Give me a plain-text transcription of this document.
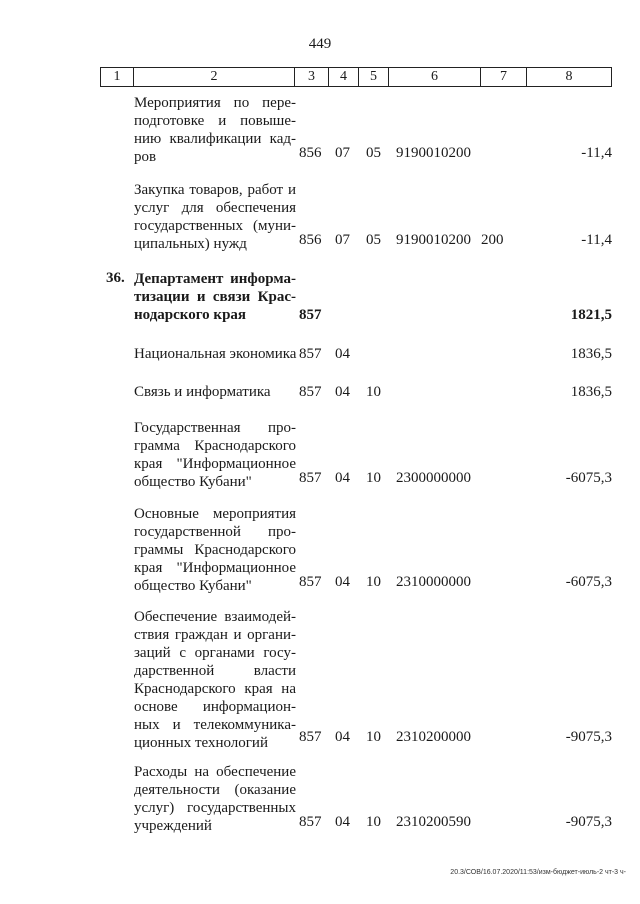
449
1	2	3	4	5	6	7	8
Мероприятия по пере-подготовке и повыше-нию квалификации кад-ров	856 07 05 9190010200	-11,4
Закупка товаров, работ и услуг для обеспечения государственных (муни-ципальных) нужд	856 07 05 9190010200 200	-11,4
36. Департамент информа-тизации и связи Крас-нодарского края	857	1821,5
Национальная экономика 857 04	1836,5
Связь и информатика	857 04 10	1836,5
Государственная про-грамма Краснодарского края "Информационное общество Кубани"	857 04 10 2300000000	-6075,3
Основные мероприятия государственной про-граммы Краснодарского края "Информационное общество Кубани"	857 04 10 2310000000	-6075,3
Обеспечение взаимодей-ствия граждан и органи-заций с органами госу-дарственной власти Краснодарского края на основе информацион-ных и телекоммуника-ционных технологий	857 04 10 2310200000	-9075,3
Расходы на обеспечение деятельности (оказание услуг) государственных учреждений	857 04 10 2310200590	-9075,3
20.3/СОВ/16.07.2020/11:53/изм-бюджет-июль-2 чт-3 ч-
